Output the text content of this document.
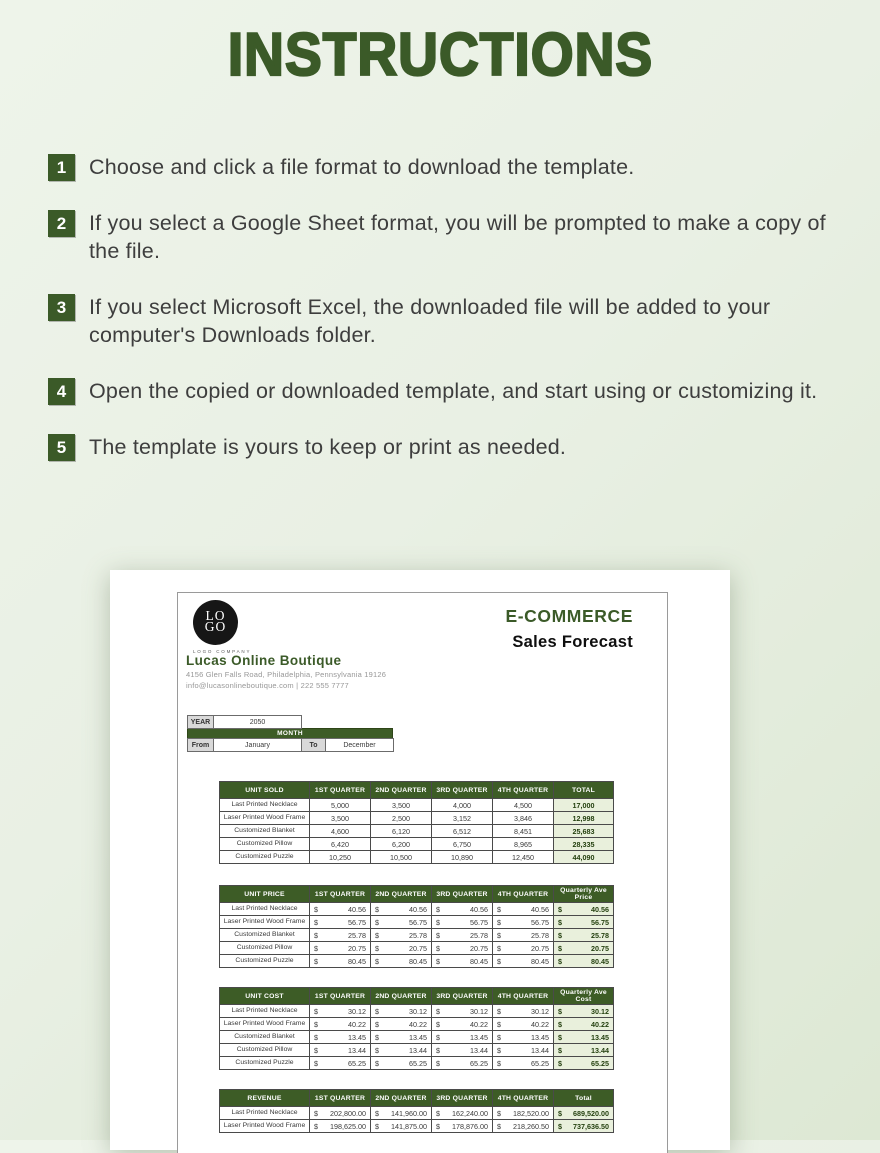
INSTRUCTIONS
1	Choose and click a file format to download the template.
2	If you select a Google Sheet format, you will be prompted to make a copy of the file.
3	If you select Microsoft Excel, the downloaded file will be added to your computer's Downloads folder.
4	Open the copied or downloaded template, and start using or customizing it.
5	The template is yours to keep or print as needed.
LO
GO
LOGO COMPANY
Lucas Online Boutique
4156 Glen Falls Road, Philadelphia, Pennsylvania 19126
info@lucasonlineboutique.com | 222 555 7777
E-COMMERCE
Sales Forecast
YEAR	2050
MONTH
From	January	To	December
UNIT SOLD	1ST QUARTER	2ND QUARTER	3RD QUARTER	4TH QUARTER	TOTAL
Last Printed Necklace	5,000	3,500	4,000	4,500	17,000
Laser Printed Wood Frame	3,500	2,500	3,152	3,846	12,998
Customized Blanket	4,600	6,120	6,512	8,451	25,683
Customized Pillow	6,420	6,200	6,750	8,965	28,335
Customized Puzzle	10,250	10,500	10,890	12,450	44,090
UNIT PRICE	1ST QUARTER	2ND QUARTER	3RD QUARTER	4TH QUARTER	Quarterly Ave Price
Last Printed Necklace	$ 40.56	$ 40.56	$ 40.56	$ 40.56	$ 40.56

Laser Printed Wood Frame	$ 56.75	$ 56.75	$ 56.75	$ 56.75	$ 56.75

Customized Blanket	$ 25.78	$ 25.78	$ 25.78	$ 25.78	$ 25.78

Customized Pillow	$ 20.75	$ 20.75	$ 20.75	$ 20.75	$ 20.75

Customized Puzzle	$ 80.45	$ 80.45	$ 80.45	$ 80.45	$ 80.45
UNIT COST	1ST QUARTER	2ND QUARTER	3RD QUARTER	4TH QUARTER	Quarterly Ave Cost
Last Printed Necklace	$ 30.12	$ 30.12	$ 30.12	$ 30.12	$ 30.12

Laser Printed Wood Frame	$ 40.22	$ 40.22	$ 40.22	$ 40.22	$ 40.22

Customized Blanket	$ 13.45	$ 13.45	$ 13.45	$ 13.45	$ 13.45

Customized Pillow	$ 13.44	$ 13.44	$ 13.44	$ 13.44	$ 13.44

Customized Puzzle	$ 65.25	$ 65.25	$ 65.25	$ 65.25	$ 65.25
REVENUE	1ST QUARTER	2ND QUARTER	3RD QUARTER	4TH QUARTER	Total
Last Printed Necklace	$ 202,800.00	$ 141,960.00	$ 162,240.00	$ 182,520.00	$ 689,520.00

Laser Printed Wood Frame	$ 198,625.00	$ 141,875.00	$ 178,876.00	$ 218,260.50	$ 737,636.50
